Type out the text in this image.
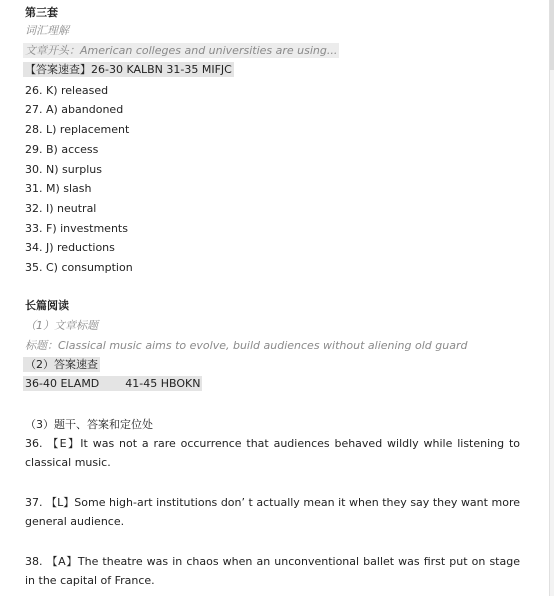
第三套
词汇理解
文章开头：American colleges and universities are using...
【答案速查】26-30 KALBN 31-35 MIFJC
26. K) released
27. A) abandoned
28. L) replacement
29. B) access
30. N) surplus
31. M) slash
32. I) neutral
33. F) investments
34. J) reductions
35. C) consumption
长篇阅读
（1）文章标题
标题：Classical music aims to evolve, build audiences without aliening old guard
（2）答案速查
36-40 ELAMD 41-45 HBOKN
（3）题干、答案和定位处
36. 【E】It was not a rare occurrence that audiences behaved wildly while listening to classical music.
37. 【L】Some high-art institutions don’ t actually mean it when they say they want more general audience.
38. 【A】The theatre was in chaos when an unconventional ballet was first put on stage in the capital of France.
